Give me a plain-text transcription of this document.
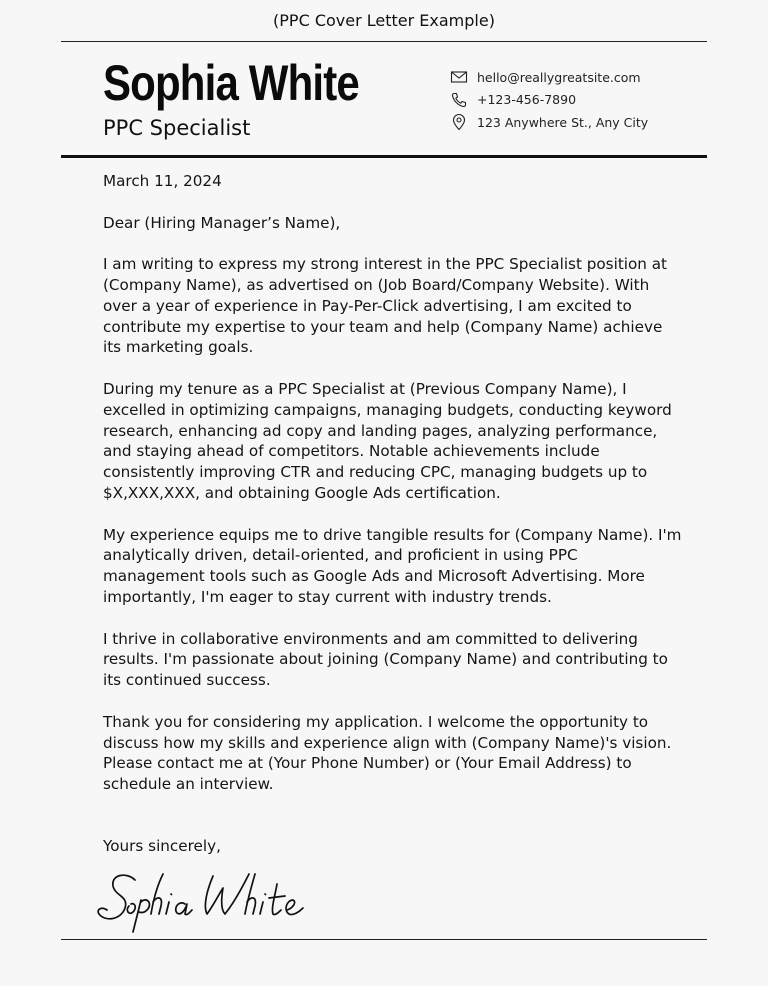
(PPC Cover Letter Example)
Sophia White
PPC Specialist
hello@reallygreatsite.com
+123-456-7890
123 Anywhere St., Any City

March 11, 2024

Dear (Hiring Manager’s Name),

I am writing to express my strong interest in the PPC Specialist position at (Company Name), as advertised on (Job Board/Company Website). With over a year of experience in Pay-Per-Click advertising, I am excited to contribute my expertise to your team and help (Company Name) achieve its marketing goals.

During my tenure as a PPC Specialist at (Previous Company Name), I excelled in optimizing campaigns, managing budgets, conducting keyword research, enhancing ad copy and landing pages, analyzing performance, and staying ahead of competitors. Notable achievements include consistently improving CTR and reducing CPC, managing budgets up to $X,XXX,XXX, and obtaining Google Ads certification.

My experience equips me to drive tangible results for (Company Name). I'm analytically driven, detail-oriented, and proficient in using PPC management tools such as Google Ads and Microsoft Advertising. More importantly, I'm eager to stay current with industry trends.

I thrive in collaborative environments and am committed to delivering results. I'm passionate about joining (Company Name) and contributing to its continued success.

Thank you for considering my application. I welcome the opportunity to discuss how my skills and experience align with (Company Name)'s vision. Please contact me at (Your Phone Number) or (Your Email Address) to schedule an interview.

Yours sincerely,
